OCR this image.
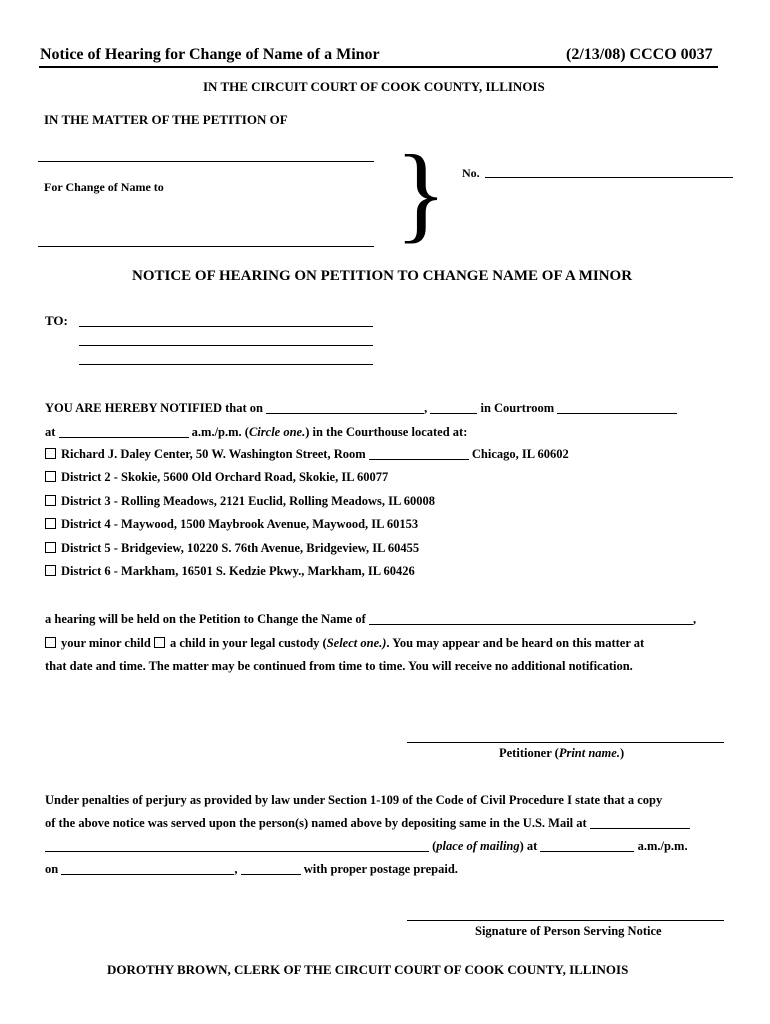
Notice of Hearing for Change of Name of a Minor	(2/13/08) CCCO 0037
IN THE CIRCUIT COURT OF COOK COUNTY, ILLINOIS
IN THE MATTER OF THE PETITION OF
For Change of Name to } No.
NOTICE OF HEARING ON PETITION TO CHANGE NAME OF A MINOR
TO:
YOU ARE HEREBY NOTIFIED that on	,	in Courtroom
at	a.m./p.m. (Circle one.) in the Courthouse located at:
Richard J. Daley Center, 50 W. Washington Street, Room	Chicago, IL 60602
District 2 - Skokie, 5600 Old Orchard Road, Skokie, IL 60077
District 3 - Rolling Meadows, 2121 Euclid, Rolling Meadows, IL 60008
District 4 - Maywood, 1500 Maybrook Avenue, Maywood, IL 60153
District 5 - Bridgeview, 10220 S. 76th Avenue, Bridgeview, IL 60455
District 6 - Markham, 16501 S. Kedzie Pkwy., Markham, IL 60426
a hearing will be held on the Petition to Change the Name of	,
your minor child a child in your legal custody (Select one.). You may appear and be heard on this matter at
that date and time. The matter may be continued from time to time. You will receive no additional notification.
Petitioner (Print name.)
Under penalties of perjury as provided by law under Section 1-109 of the Code of Civil Procedure I state that a copy
of the above notice was served upon the person(s) named above by depositing same in the U.S. Mail at
(place of mailing) at	a.m./p.m.
on	,	with proper postage prepaid.
Signature of Person Serving Notice
DOROTHY BROWN, CLERK OF THE CIRCUIT COURT OF COOK COUNTY, ILLINOIS
